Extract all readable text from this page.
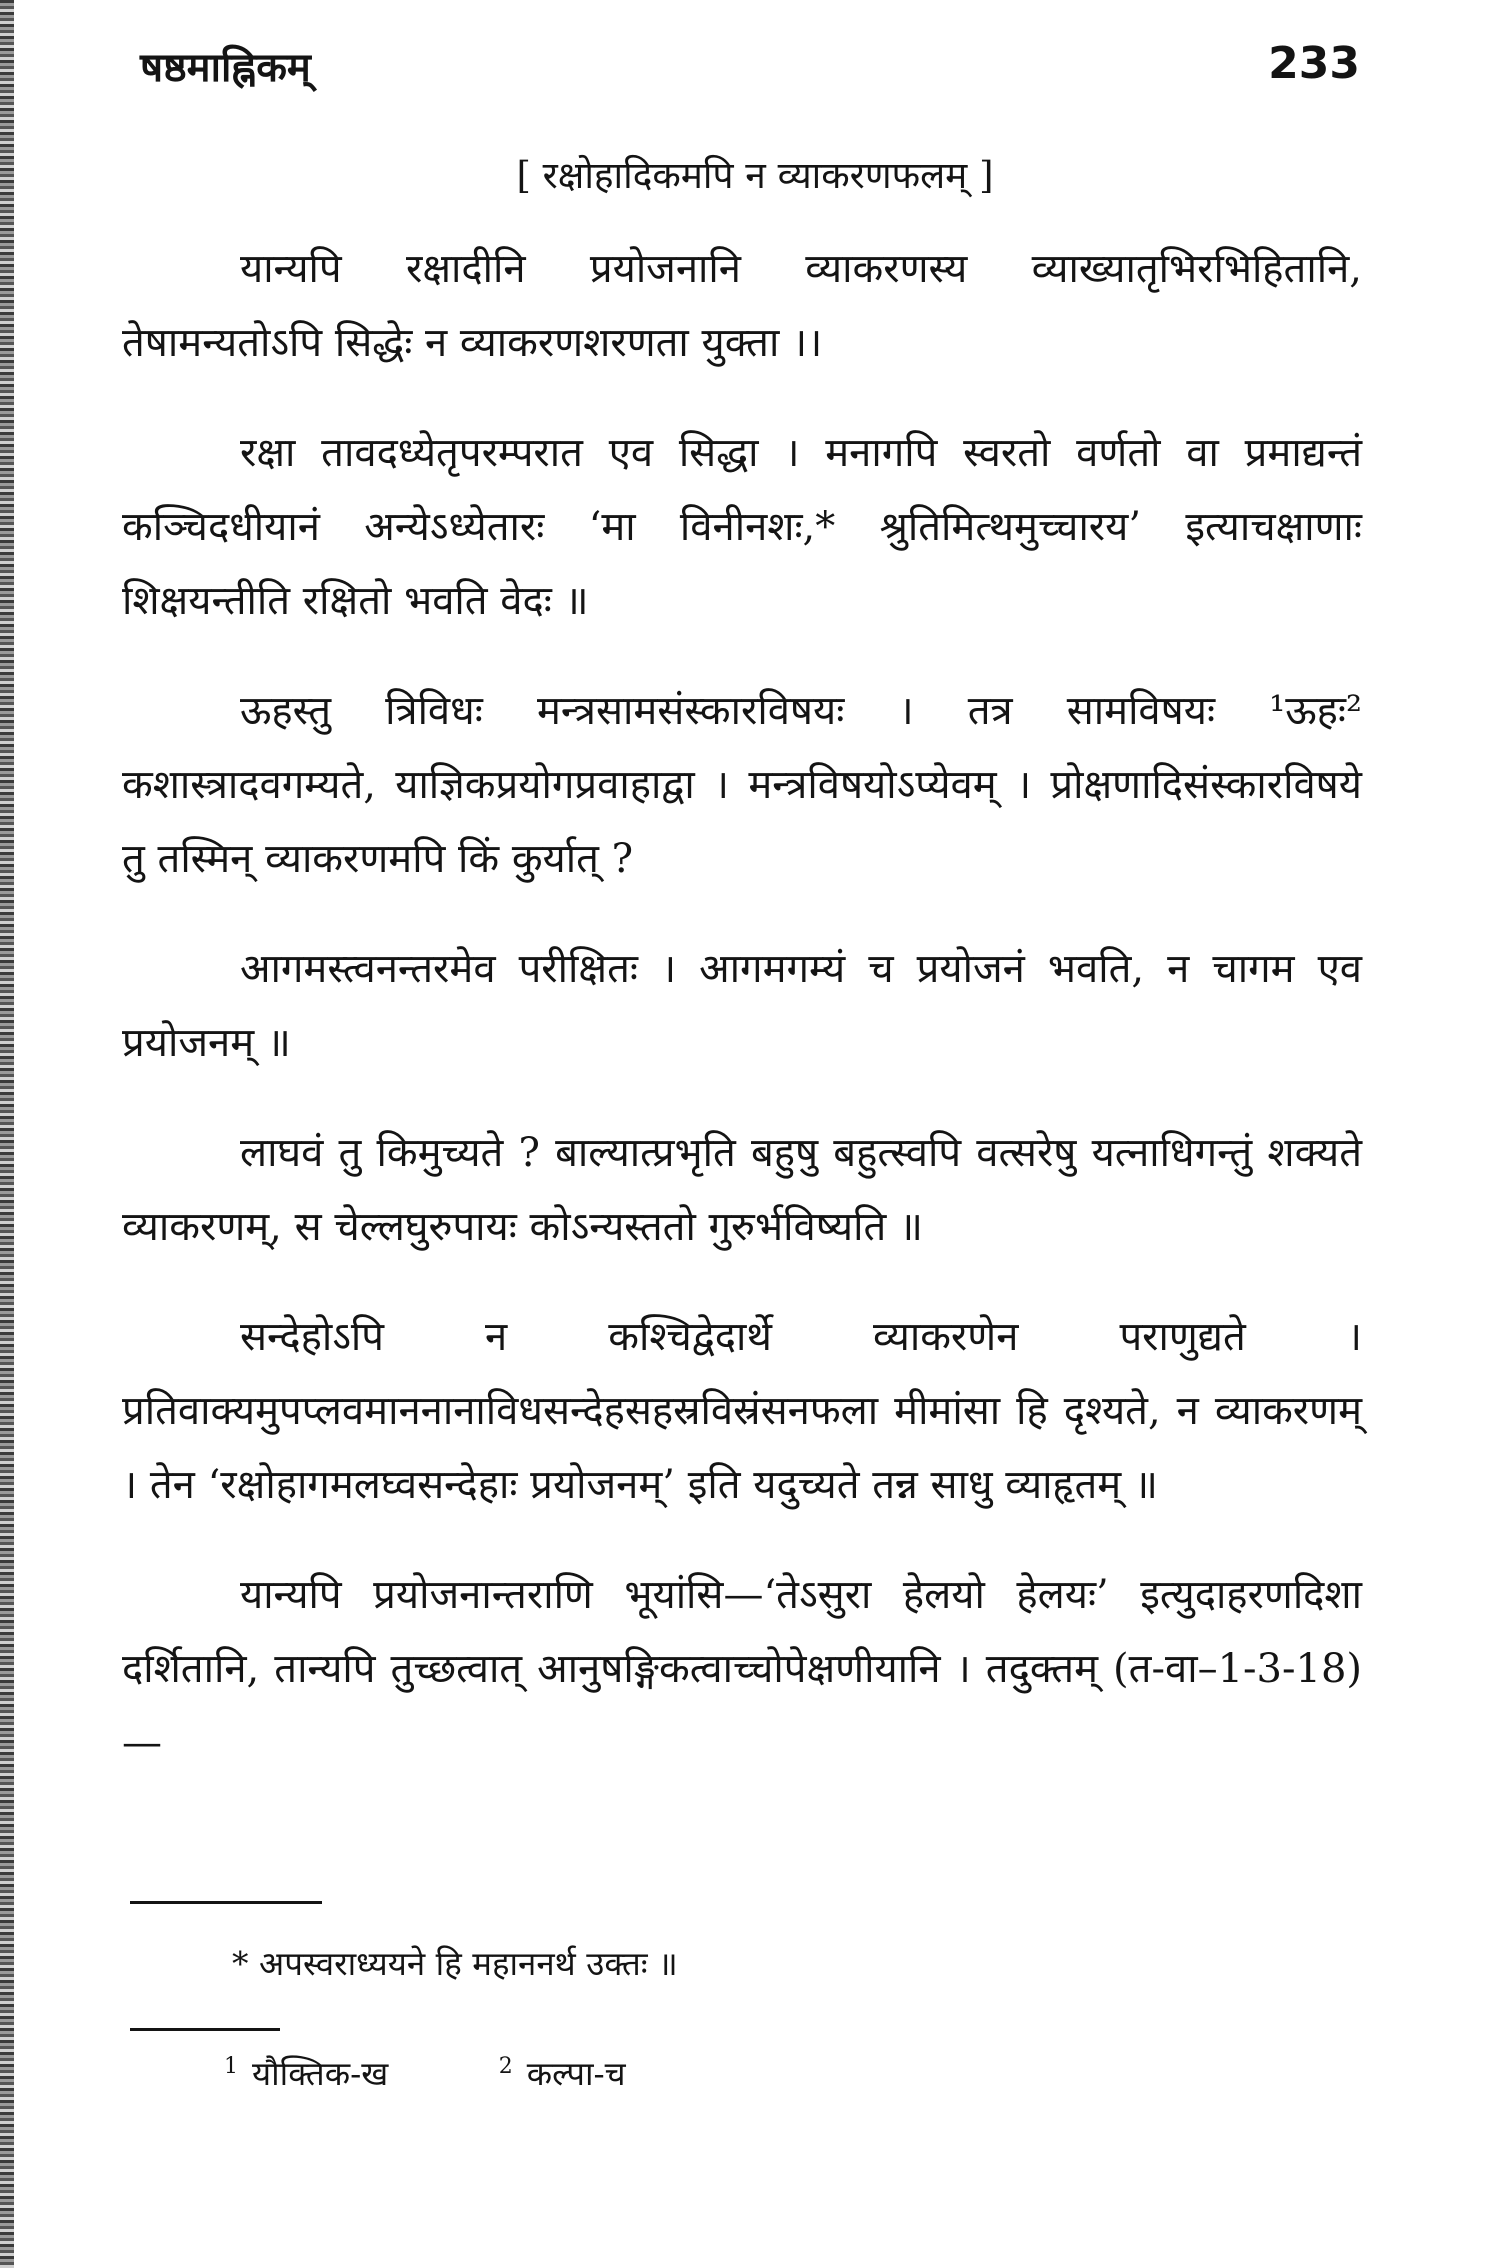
षष्ठमाह्निकम्	233
[ रक्षोहादिकमपि न व्याकरणफलम् ]

यान्यपि रक्षादीनि प्रयोजनानि व्याकरणस्य व्याख्यातृभिरभिहितानि, तेषामन्यतोऽपि सिद्धेः न व्याकरणशरणता युक्ता ।।

रक्षा तावदध्येतृपरम्परात एव सिद्धा । मनागपि स्वरतो वर्णतो वा प्रमाद्यन्तं कञ्चिदधीयानं अन्येऽध्येतारः ‘मा विनीनशः,* श्रुतिमित्थमुच्चारय’ इत्याचक्षाणाः शिक्षयन्तीति रक्षितो भवति वेदः ॥

ऊहस्तु त्रिविधः मन्त्रसामसंस्कारविषयः । तत्र सामविषयः ¹ऊहः² कशास्त्रादवगम्यते, याज्ञिकप्रयोगप्रवाहाद्वा । मन्त्रविषयोऽप्येवम् । प्रोक्षणादिसंस्कारविषये तु तस्मिन् व्याकरणमपि किं कुर्यात् ?

आगमस्त्वनन्तरमेव परीक्षितः । आगमगम्यं च प्रयोजनं भवति, न चागम एव प्रयोजनम् ॥

लाघवं तु किमुच्यते ? बाल्यात्प्रभृति बहुषु बहुत्स्वपि वत्सरेषु यत्नाधिगन्तुं शक्यते व्याकरणम्, स चेल्लघुरुपायः कोऽन्यस्ततो गुरुर्भविष्यति ॥

सन्देहोऽपि न कश्चिद्वेदार्थे व्याकरणेन पराणुद्यते । प्रतिवाक्यमुपप्लवमाननानाविधसन्देहसहस्रविस्रंसनफला मीमांसा हि दृश्यते, न व्याकरणम् । तेन ‘रक्षोहागमलघ्वसन्देहाः प्रयोजनम्’ इति यदुच्यते तन्न साधु व्याहृतम् ॥

यान्यपि प्रयोजनान्तराणि भूयांसि—‘तेऽसुरा हेलयो हेलयः’ इत्युदाहरणदिशा दर्शितानि, तान्यपि तुच्छत्वात् आनुषङ्गिकत्वाच्चोपेक्षणीयानि । तदुक्तम् (त-वा–1-3-18)—

* अपस्वराध्ययने हि महाननर्थ उक्तः ॥
$^1$ यौक्तिक-ख	$^2$ कल्पा-च
